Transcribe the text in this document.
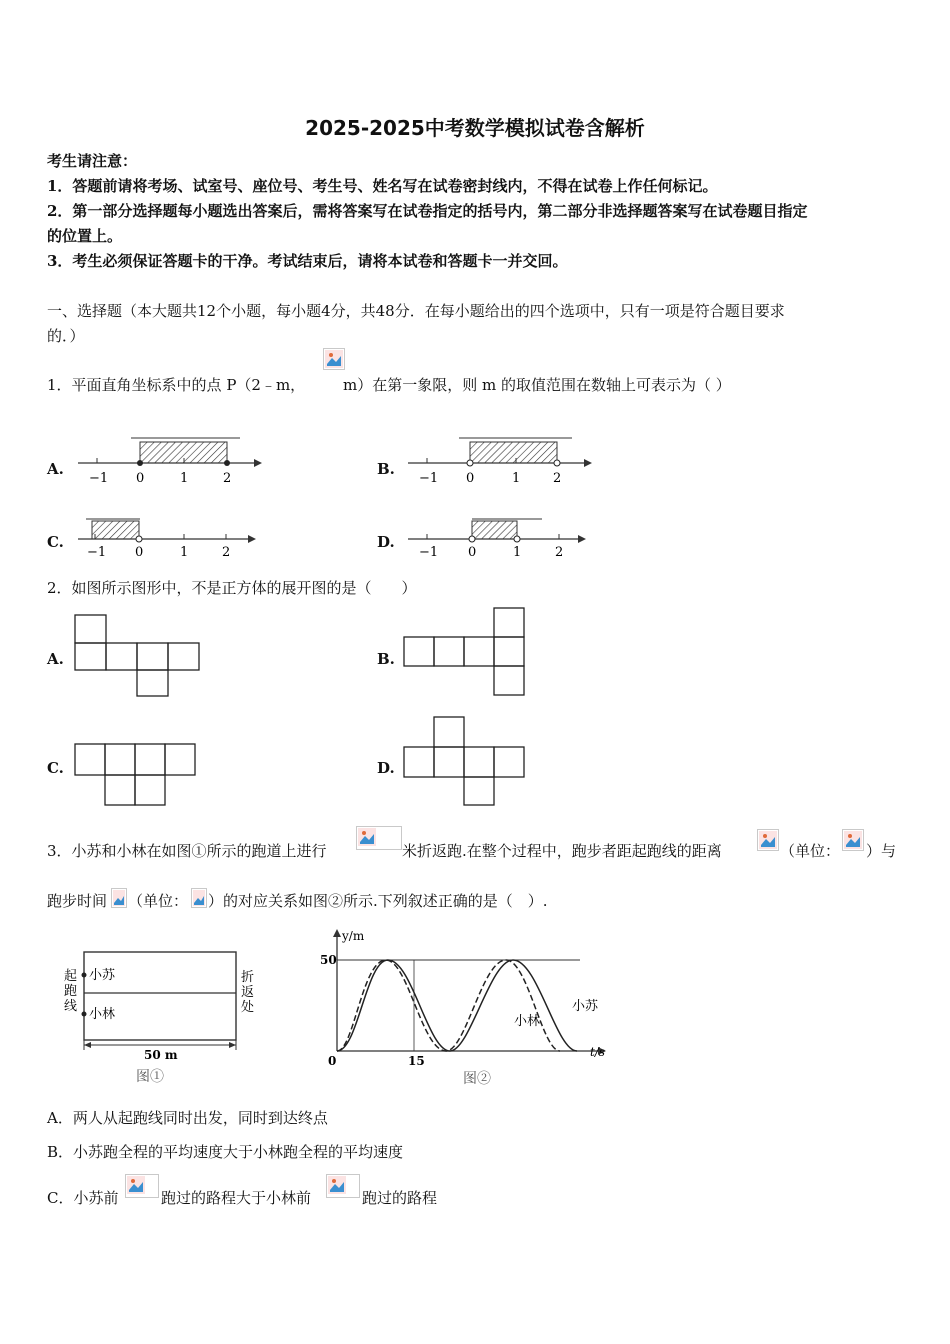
2025-2025中考数学模拟试卷含解析
考生请注意：
1．答题前请将考场、试室号、座位号、考生号、姓名写在试卷密封线内，不得在试卷上作任何标记。
2．第一部分选择题每小题选出答案后，需将答案写在试卷指定的括号内，第二部分非选择题答案写在试卷题目指定
的位置上。
3．考生必须保证答题卡的干净。考试结束后，请将本试卷和答题卡一并交回。
一、选择题（本大题共12个小题，每小题4分，共48分．在每小题给出的四个选项中，只有一项是符合题目要求
的．）
1．平面直角坐标系中的点 P（2﹣m，	m）在第一象限，则 m 的取值范围在数轴上可表示为（ ）
A.
−1 0	1	2
B.
−1 0	1	2
C.
−1 0	1	2
D.
−1 0	1	2
2．如图所示图形中，不是正方体的展开图的是（　　）
A.	B.
C.	D.
3．小苏和小林在如图①所示的跑道上进行	米折返跑.在整个过程中，跑步者距起跑线的距离	（单位： ）与
跑步时间 （单位： ）的对应关系如图②所示.下列叙述正确的是（　）.
起
跑
线
折
返
处
小苏
小林
50 m
图①
y/m
t/s
50
15
0
小苏
小林
图②
A．两人从起跑线同时出发，同时到达终点
B．小苏跑全程的平均速度大于小林跑全程的平均速度
C．小苏前	跑过的路程大于小林前	跑过的路程
